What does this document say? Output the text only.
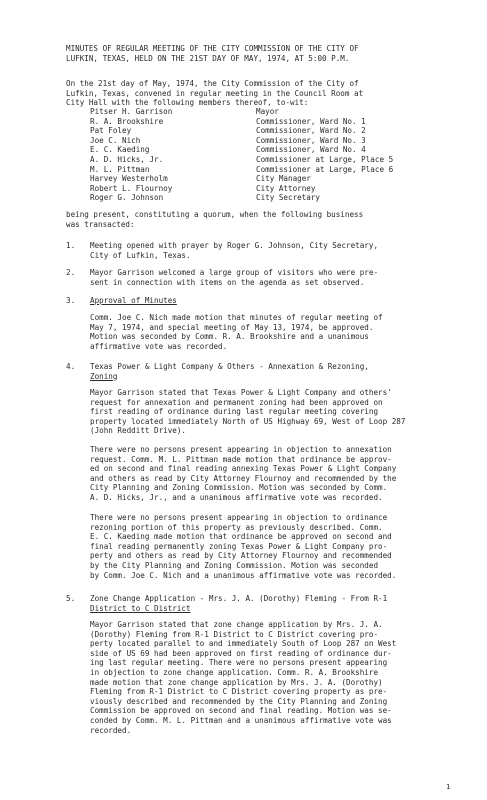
MINUTES OF REGULAR MEETING OF THE CITY COMMISSION OF THE CITY OF
LUFKIN, TEXAS, HELD ON THE 21ST DAY OF MAY, 1974, AT 5:00 P.M.
On the 21st day of May, 1974, the City Commission of the City of
Lufkin, Texas, convened in regular meeting in the Council Room at
City Hall with the following members thereof, to-wit:
Pitser H. Garrison	Mayor
R. A. Brookshire	Commissioner, Ward No. 1
Pat Foley	Commissioner, Ward No. 2
Joe C. Nich	Commissioner, Ward No. 3
E. C. Kaeding	Commissioner, Ward No. 4
A. D. Hicks, Jr.	Commissioner at Large, Place 5
M. L. Pittman	Commissioner at Large, Place 6
Harvey Westerholm	City Manager
Robert L. Flournoy	City Attorney
Roger G. Johnson	City Secretary
being present, constituting a quorum, when the following business
was transacted:
1.	Meeting opened with prayer by Roger G. Johnson, City Secretary,
City of Lufkin, Texas.
2.	Mayor Garrison welcomed a large group of visitors who were pre-
sent in connection with items on the agenda as set observed.
3.	Approval of Minutes
Comm. Joe C. Nich made motion that minutes of regular meeting of
May 7, 1974, and special meeting of May 13, 1974, be approved.
Motion was seconded by Comm. R. A. Brookshire and a unanimous
affirmative vote was recorded.
4.	Texas Power & Light Company & Others - Annexation & Rezoning,
Zoning
Mayor Garrison stated that Texas Power & Light Company and others'
request for annexation and permanent zoning had been approved on
first reading of ordinance during last regular meeting covering
property located immediately North of US Highway 69, West of Loop 287
(John Redditt Drive).
There were no persons present appearing in objection to annexation
request. Comm. M. L. Pittman made motion that ordinance be approv-
ed on second and final reading annexing Texas Power & Light Company
and others as read by City Attorney Flournoy and recommended by the
City Planning and Zoning Commission. Motion was seconded by Comm.
A. D. Hicks, Jr., and a unanimous affirmative vote was recorded.
There were no persons present appearing in objection to ordinance
rezoning portion of this property as previously described. Comm.
E. C. Kaeding made motion that ordinance be approved on second and
final reading permanently zoning Texas Power & Light Company pro-
perty and others as read by City Attorney Flournoy and recommended
by the City Planning and Zoning Commission. Motion was seconded
by Comm. Joe C. Nich and a unanimous affirmative vote was recorded.
5.	Zone Change Application - Mrs. J. A. (Dorothy) Fleming - From R-1
District to C District
Mayor Garrison stated that zone change application by Mrs. J. A.
(Dorothy) Fleming from R-1 District to C District covering pro-
perty located parallel to and immediately South of Loop 287 on West
side of US 69 had been approved on first reading of ordinance dur-
ing last regular meeting. There were no persons present appearing
in objection to zone change application. Comm. R. A. Brookshire
made motion that zone change application by Mrs. J. A. (Dorothy)
Fleming from R-1 District to C District covering property as pre-
viously described and recommended by the City Planning and Zoning
Commission be approved on second and final reading. Motion was se-
conded by Comm. M. L. Pittman and a unanimous affirmative vote was
recorded.
1
